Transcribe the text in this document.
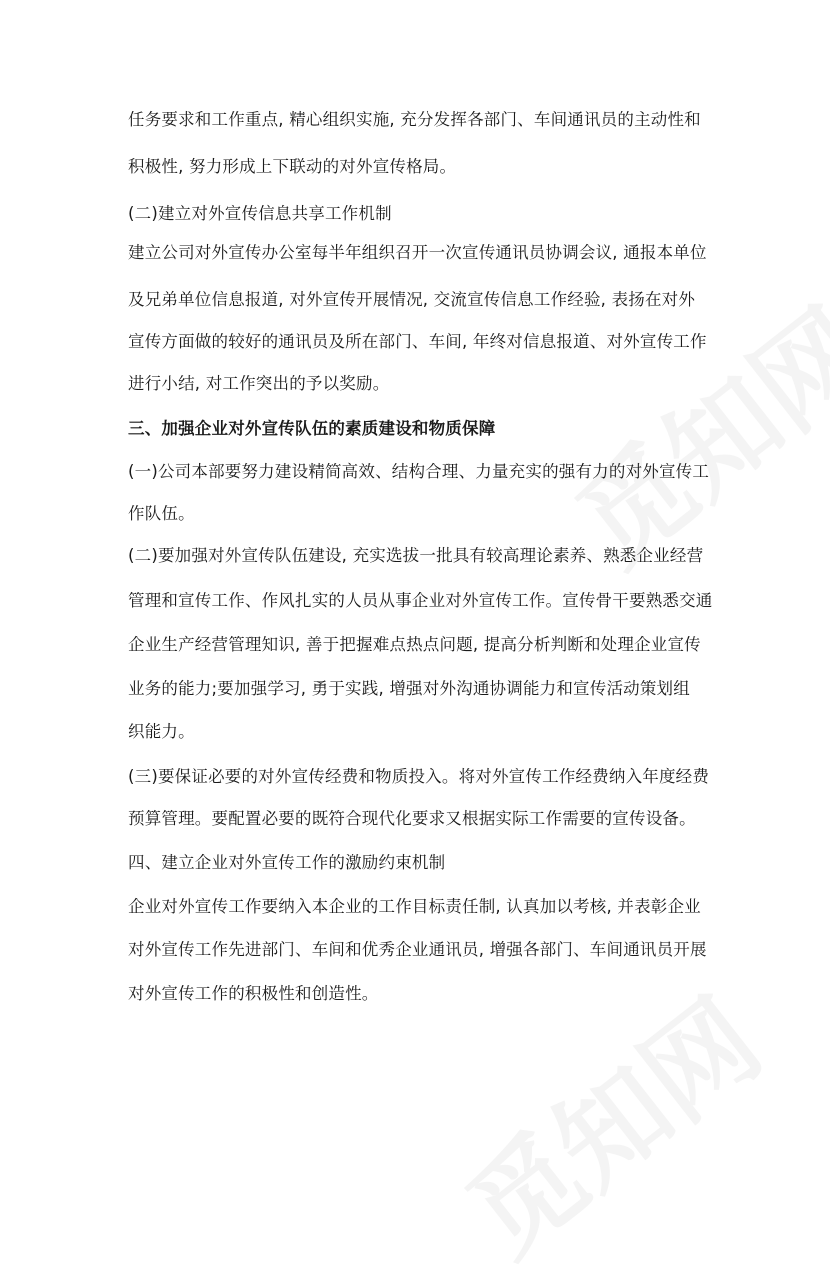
任务要求和工作重点, 精心组织实施, 充分发挥各部门、车间通讯员的主动性和
积极性, 努力形成上下联动的对外宣传格局。
(二)建立对外宣传信息共享工作机制
建立公司对外宣传办公室每半年组织召开一次宣传通讯员协调会议, 通报本单位
及兄弟单位信息报道, 对外宣传开展情况, 交流宣传信息工作经验, 表扬在对外
宣传方面做的较好的通讯员及所在部门、车间, 年终对信息报道、对外宣传工作
进行小结, 对工作突出的予以奖励。
三、加强企业对外宣传队伍的素质建设和物质保障
(一)公司本部要努力建设精简高效、结构合理、力量充实的强有力的对外宣传工
作队伍。
(二)要加强对外宣传队伍建设, 充实选拔一批具有较高理论素养、熟悉企业经营
管理和宣传工作、作风扎实的人员从事企业对外宣传工作。宣传骨干要熟悉交通
企业生产经营管理知识, 善于把握难点热点问题, 提高分析判断和处理企业宣传
业务的能力;要加强学习, 勇于实践, 增强对外沟通协调能力和宣传活动策划组
织能力。
(三)要保证必要的对外宣传经费和物质投入。将对外宣传工作经费纳入年度经费
预算管理。要配置必要的既符合现代化要求又根据实际工作需要的宣传设备。
四、建立企业对外宣传工作的激励约束机制
企业对外宣传工作要纳入本企业的工作目标责任制, 认真加以考核, 并表彰企业
对外宣传工作先进部门、车间和优秀企业通讯员, 增强各部门、车间通讯员开展
对外宣传工作的积极性和创造性。
